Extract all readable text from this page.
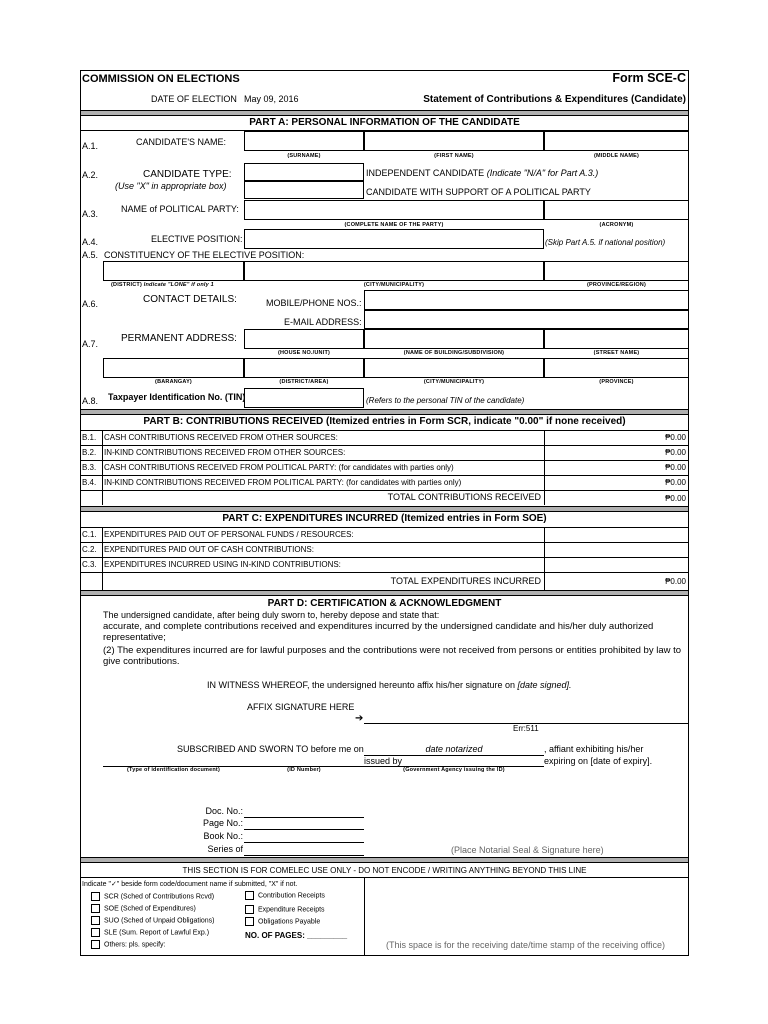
COMMISSION ON ELECTIONS	Form SCE-C
DATE OF ELECTION May 09, 2016	Statement of Contributions & Expenditures (Candidate)
PART A: PERSONAL INFORMATION OF THE CANDIDATE
A.1.	CANDIDATE'S NAME:
(SURNAME)	(FIRST NAME)	(MIDDLE NAME)
A.2.	CANDIDATE TYPE:
(Use "X" in appropriate box)
INDEPENDENT CANDIDATE (Indicate "N/A" for Part A.3.)
CANDIDATE WITH SUPPORT OF A POLITICAL PARTY
A.3.	NAME of POLITICAL PARTY:
(COMPLETE NAME OF THE PARTY)	(ACRONYM)
A.4.	ELECTIVE POSITION:	(Skip Part A.5. if national position)
A.5. CONSTITUENCY OF THE ELECTIVE POSITION:
(DISTRICT) Indicate "LONE" if only 1	(CITY/MUNICIPALITY)	(PROVINCE/REGION)
A.6.	CONTACT DETAILS:	MOBILE/PHONE NOS.:
E-MAIL ADDRESS:
A.7. PERMANENT ADDRESS:
(HOUSE NO./UNIT)	(NAME OF BUILDING/SUBDIVISION)	(STREET NAME)
(BARANGAY)	(DISTRICT/AREA)	(CITY/MUNICIPALITY)	(PROVINCE)
A.8. Taxpayer Identification No. (TIN)	(Refers to the personal TIN of the candidate)
PART B: CONTRIBUTIONS RECEIVED (Itemized entries in Form SCR, indicate "0.00" if none received)
B.1. CASH CONTRIBUTIONS RECEIVED FROM OTHER SOURCES:	₱0.00
B.2. IN-KIND CONTRIBUTIONS RECEIVED FROM OTHER SOURCES:	₱0.00
B.3. CASH CONTRIBUTIONS RECEIVED FROM POLITICAL PARTY: (for candidates with parties only)	₱0.00
B.4. IN-KIND CONTRIBUTIONS RECEIVED FROM POLITICAL PARTY: (for candidates with parties only)	₱0.00
TOTAL CONTRIBUTIONS RECEIVED	₱0.00
PART C: EXPENDITURES INCURRED (Itemized entries in Form SOE)
C.1. EXPENDITURES PAID OUT OF PERSONAL FUNDS / RESOURCES:
C.2. EXPENDITURES PAID OUT OF CASH CONTRIBUTIONS:
C.3. EXPENDITURES INCURRED USING IN-KIND CONTRIBUTIONS:
TOTAL EXPENDITURES INCURRED	₱0.00
PART D: CERTIFICATION & ACKNOWLEDGMENT
The undersigned candidate, after being duly sworn to, hereby depose and state that:
accurate, and complete contributions received and expenditures incurred by the undersigned candidate and his/her duly authorized representative;
(2) The expenditures incurred are for lawful purposes and the contributions were not received from persons or entities prohibited by law to give contributions.
IN WITNESS WHEREOF, the undersigned hereunto affix his/her signature on [date signed].
AFFIX SIGNATURE HERE
➔
Err:511
SUBSCRIBED AND SWORN TO before me on	date notarized	, affiant exhibiting his/her
issued by	expiring on [date of expiry].
(Type of identification document)	(ID Number)	(Government Agency issuing the ID)
Doc. No.:
Page No.:
Book No.:
Series of	(Place Notarial Seal & Signature here)
THIS SECTION IS FOR COMELEC USE ONLY - DO NOT ENCODE / WRITING ANYTHING BEYOND THIS LINE
Indicate "✓" beside form code/document name if submitted, "X" if not.
SCR (Sched of Contributions Rcvd)
SOE (Sched of Expenditures)
SUO (Sched of Unpaid Obligations)
SLE (Sum. Report of Lawful Exp.)
Others: pls. specify:
Contribution Receipts
Expenditure Receipts
Obligations Payable
NO. OF PAGES: _________
(This space is for the receiving date/time stamp of the receiving office)
